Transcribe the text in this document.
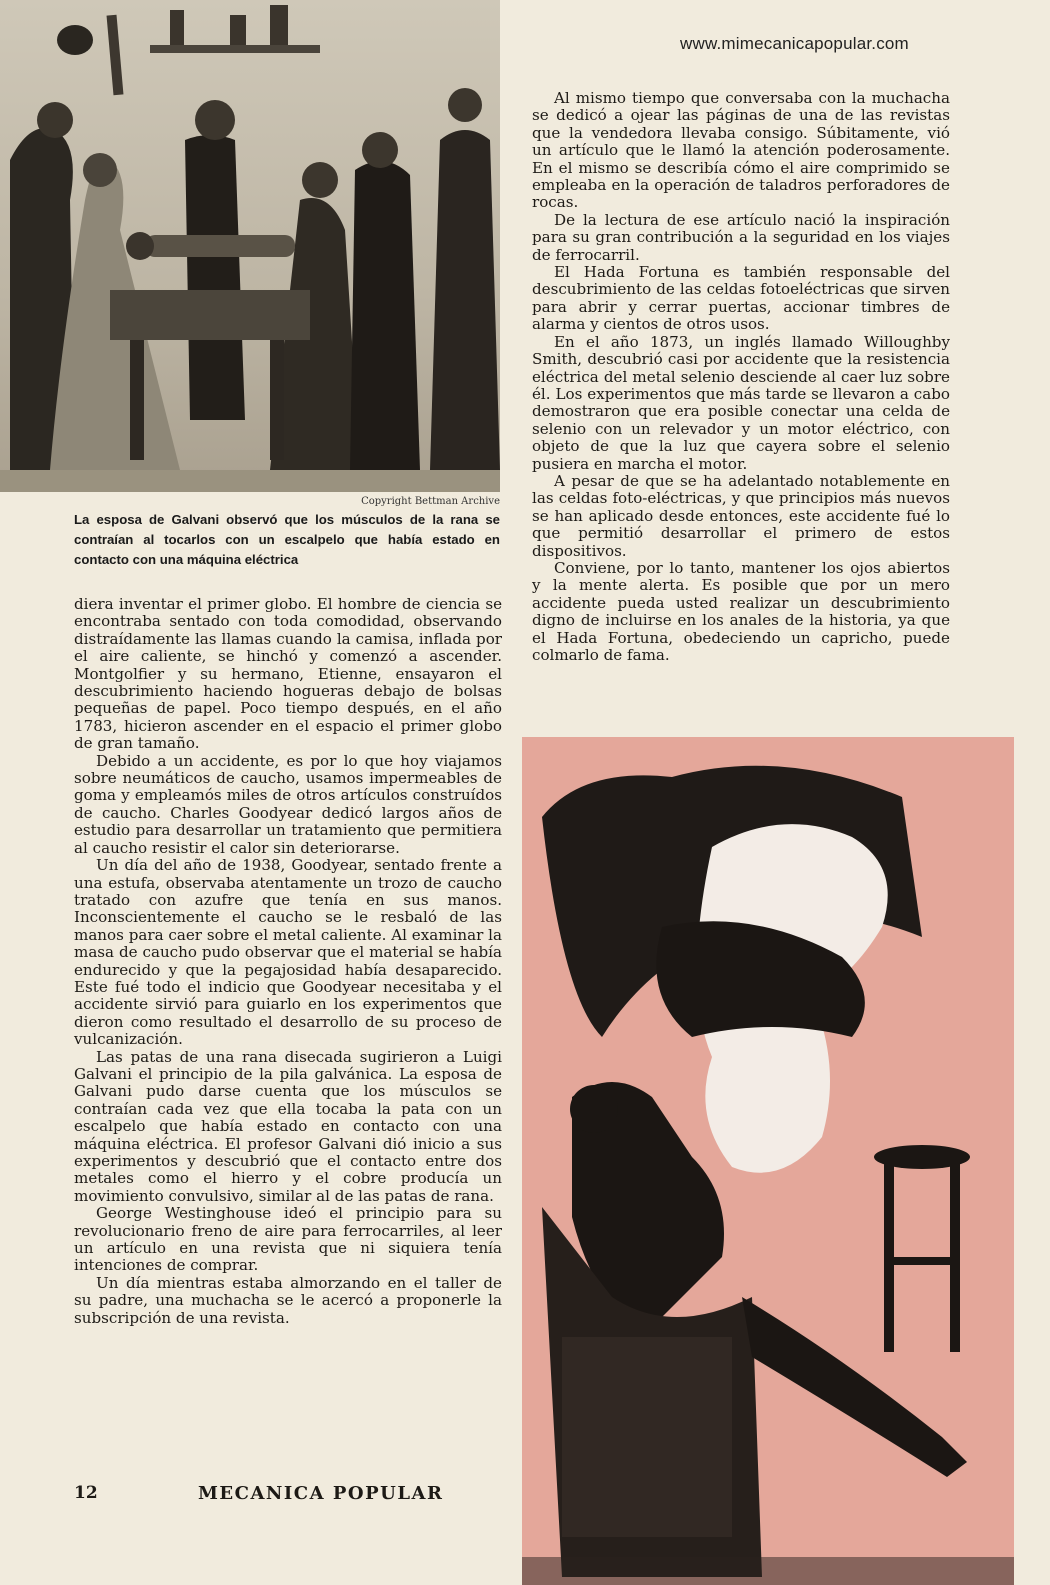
www.mimecanicapopular.com
Copyright Bettman Archive
La esposa de Galvani observó que los músculos de la rana se contraían al tocarlos con un escalpelo que había estado en contacto con una máquina eléctrica

diera inventar el primer globo. El hombre de ciencia se encontraba sentado con toda comodidad, observando distraídamente las llamas cuando la camisa, inflada por el aire caliente, se hinchó y comenzó a ascender. Montgolfier y su hermano, Etienne, ensayaron el descubrimiento haciendo hogueras debajo de bolsas pequeñas de papel. Poco tiempo después, en el año 1783, hicieron ascender en el espacio el primer globo de gran tamaño.

Debido a un accidente, es por lo que hoy viajamos sobre neumáticos de caucho, usamos impermeables de goma y empleamós miles de otros artículos construídos de caucho. Charles Goodyear dedicó largos años de estudio para desarrollar un tratamiento que permitiera al caucho resistir el calor sin deteriorarse.

Un día del año de 1938, Goodyear, sentado frente a una estufa, observaba atentamente un trozo de caucho tratado con azufre que tenía en sus manos. Inconscientemente el caucho se le resbaló de las manos para caer sobre el metal caliente. Al examinar la masa de caucho pudo observar que el material se había endurecido y que la pegajosidad había desaparecido. Este fué todo el indicio que Goodyear necesitaba y el accidente sirvió para guiarlo en los experimentos que dieron como resultado el desarrollo de su proceso de vulcanización.

Las patas de una rana disecada sugirieron a Luigi Galvani el principio de la pila galvánica. La esposa de Galvani pudo darse cuenta que los músculos se contraían cada vez que ella tocaba la pata con un escalpelo que había estado en contacto con una máquina eléctrica. El profesor Galvani dió inicio a sus experimentos y descubrió que el contacto entre dos metales como el hierro y el cobre producía un movimiento convulsivo, similar al de las patas de rana.

George Westinghouse ideó el principio para su revolucionario freno de aire para ferrocarriles, al leer un artículo en una revista que ni siquiera tenía intenciones de comprar.

Un día mientras estaba almorzando en el taller de su padre, una muchacha se le acercó a proponerle la subscripción de una revista.

Al mismo tiempo que conversaba con la muchacha se dedicó a ojear las páginas de una de las revistas que la vendedora llevaba consigo. Súbitamente, vió un artículo que le llamó la atención poderosamente. En el mismo se describía cómo el aire comprimido se empleaba en la operación de taladros perforadores de rocas.

De la lectura de ese artículo nació la inspiración para su gran contribución a la seguridad en los viajes de ferrocarril.

El Hada Fortuna es también responsable del descubrimiento de las celdas fotoeléctricas que sirven para abrir y cerrar puertas, accionar timbres de alarma y cientos de otros usos.

En el año 1873, un inglés llamado Willoughby Smith, descubrió casi por accidente que la resistencia eléctrica del metal selenio desciende al caer luz sobre él. Los experimentos que más tarde se llevaron a cabo demostraron que era posible conectar una celda de selenio con un relevador y un motor eléctrico, con objeto de que la luz que cayera sobre el selenio pusiera en marcha el motor.

A pesar de que se ha adelantado notablemente en las celdas foto-eléctricas, y que principios más nuevos se han aplicado desde entonces, este accidente fué lo que permitió desarrollar el primero de estos dispositivos.

Conviene, por lo tanto, mantener los ojos abiertos y la mente alerta. Es posible que por un mero accidente pueda usted realizar un descubrimiento digno de incluirse en los anales de la historia, ya que el Hada Fortuna, obedeciendo un capricho, puede colmarlo de fama.

12	MECANICA POPULAR
